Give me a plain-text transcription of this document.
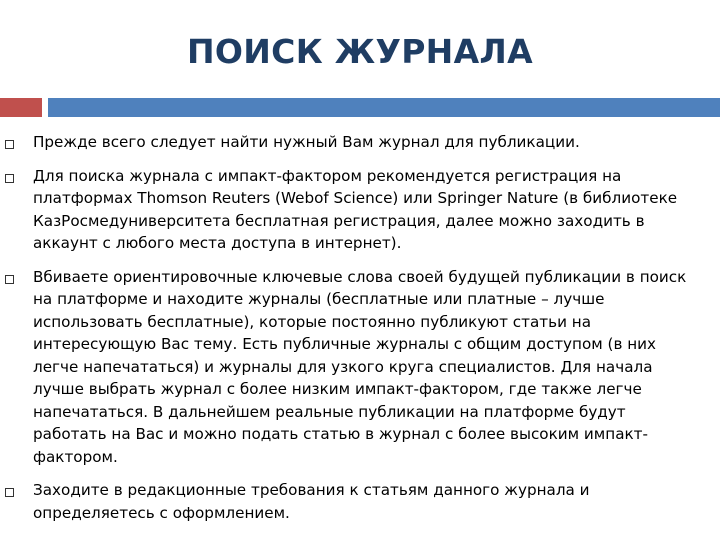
ПОИСК ЖУРНАЛА
Прежде всего следует найти нужный Вам журнал для публикации.
Для поиска журнала с импакт-фактором рекомендуется регистрация на платформах Thomson Reuters (Webof Science) или Springer Nature (в библиотеке КазРосмедуниверситета бесплатная регистрация, далее можно заходить в аккаунт с любого места доступа в интернет).
Вбиваете ориентировочные ключевые слова своей будущей публикации в поиск на платформе и находите журналы (бесплатные или платные – лучше использовать бесплатные), которые постоянно публикуют статьи на интересующую Вас тему. Есть публичные журналы с общим доступом (в них легче напечататься) и журналы для узкого круга специалистов. Для начала лучше выбрать журнал с более низким импакт-фактором, где также легче напечататься. В дальнейшем реальные публикации на платформе будут работать на Вас и можно подать статью в журнал с более высоким импакт-фактором.
Заходите в редакционные требования к статьям данного журнала и определяетесь с оформлением.
